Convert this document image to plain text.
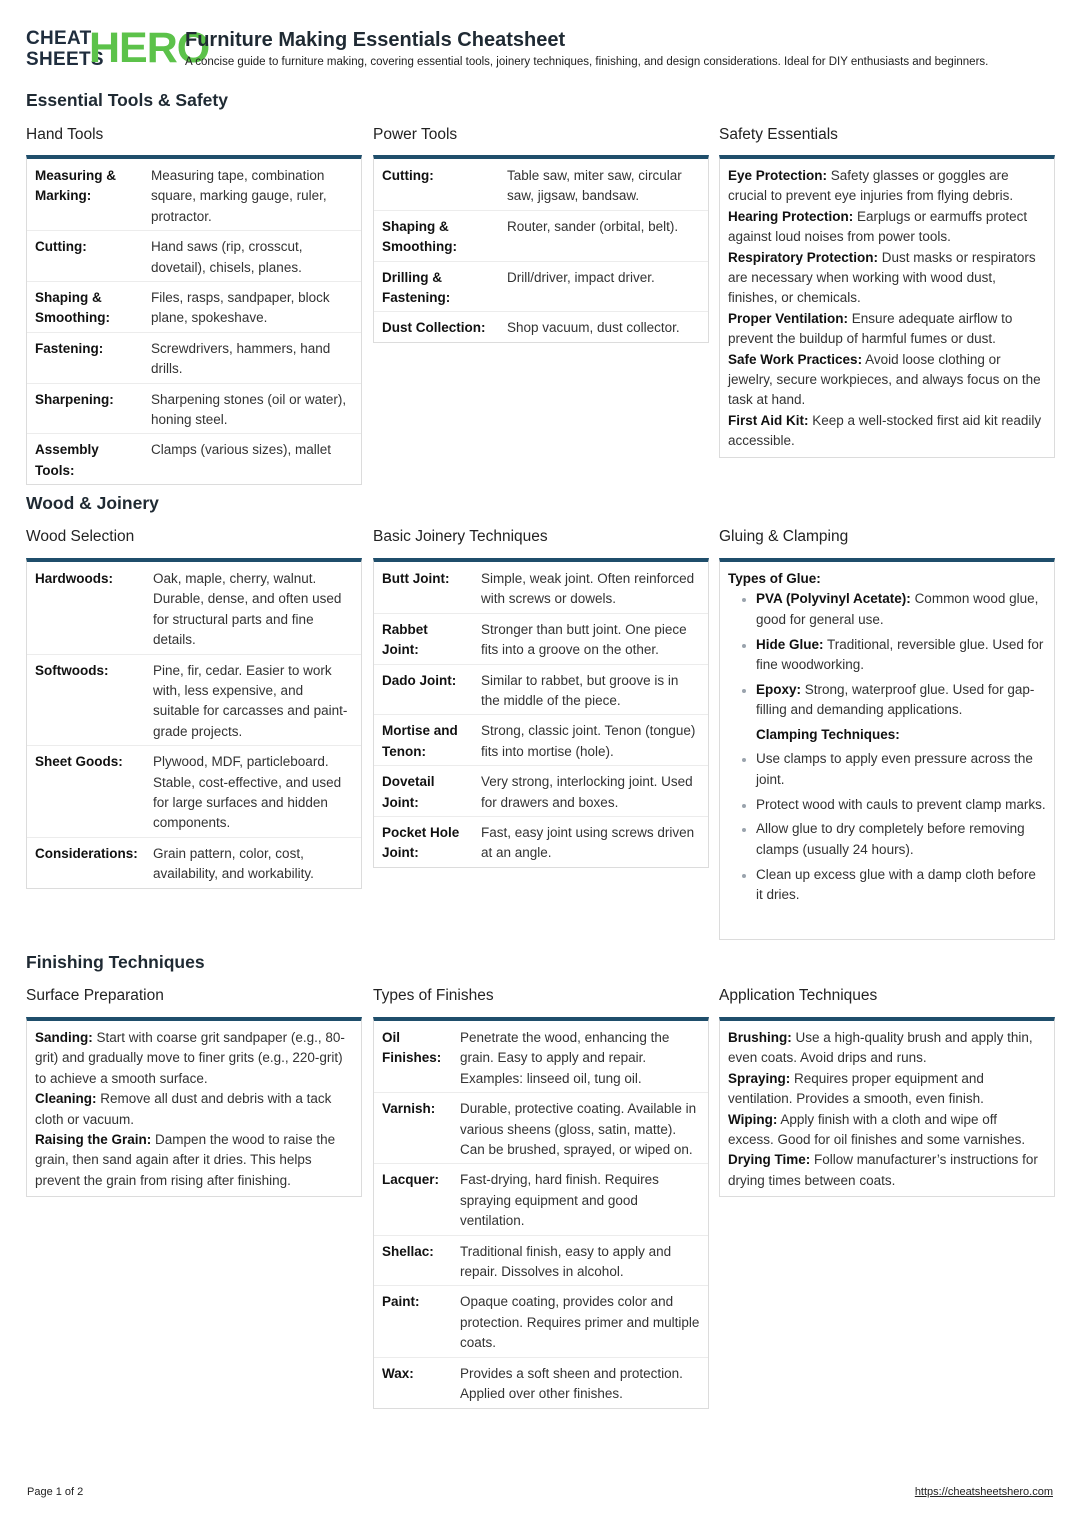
CHEAT
SHEETS
HERO
Furniture Making Essentials Cheatsheet
A concise guide to furniture making, covering essential tools, joinery techniques, finishing, and design considerations. Ideal for DIY enthusiasts and beginners.
Essential Tools & Safety
Hand Tools
Measuring & Marking:	Measuring tape, combination square, marking gauge, ruler, protractor.
Cutting:	Hand saws (rip, crosscut, dovetail), chisels, planes.
Shaping & Smoothing:	Files, rasps, sandpaper, block plane, spokeshave.
Fastening:	Screwdrivers, hammers, hand drills.
Sharpening:	Sharpening stones (oil or water), honing steel.
Assembly Tools:	Clamps (various sizes), mallet
Power Tools
Cutting:	Table saw, miter saw, circular saw, jigsaw, bandsaw.
Shaping & Smoothing:	Router, sander (orbital, belt).
Drilling & Fastening:	Drill/driver, impact driver.
Dust Collection:	Shop vacuum, dust collector.
Safety Essentials

Eye Protection: Safety glasses or goggles are crucial to prevent eye injuries from flying debris.

Hearing Protection: Earplugs or earmuffs protect against loud noises from power tools.

Respiratory Protection: Dust masks or respirators are necessary when working with wood dust, finishes, or chemicals.

Proper Ventilation: Ensure adequate airflow to prevent the buildup of harmful fumes or dust.

Safe Work Practices: Avoid loose clothing or jewelry, secure workpieces, and always focus on the task at hand.

First Aid Kit: Keep a well-stocked first aid kit readily accessible.

Wood & Joinery
Wood Selection
Hardwoods:	Oak, maple, cherry, walnut. Durable, dense, and often used for structural parts and fine details.
Softwoods:	Pine, fir, cedar. Easier to work with, less expensive, and suitable for carcasses and paint-grade projects.
Sheet Goods:	Plywood, MDF, particleboard. Stable, cost-effective, and used for large surfaces and hidden components.
Considerations:	Grain pattern, color, cost, availability, and workability.
Basic Joinery Techniques
Butt Joint:	Simple, weak joint. Often reinforced with screws or dowels.
Rabbet Joint:	Stronger than butt joint. One piece fits into a groove on the other.
Dado Joint:	Similar to rabbet, but groove is in the middle of the piece.
Mortise and Tenon:	Strong, classic joint. Tenon (tongue) fits into mortise (hole).
Dovetail Joint:	Very strong, interlocking joint. Used for drawers and boxes.
Pocket Hole Joint:	Fast, easy joint using screws driven at an angle.
Gluing & Clamping

Types of Glue:

• PVA (Polyvinyl Acetate): Common wood glue, good for general use.
• Hide Glue: Traditional, reversible glue. Used for fine woodworking.
• Epoxy: Strong, waterproof glue. Used for gap-filling and demanding applications.

Clamping Techniques:

• Use clamps to apply even pressure across the joint.
• Protect wood with cauls to prevent clamp marks.
• Allow glue to dry completely before removing clamps (usually 24 hours).
• Clean up excess glue with a damp cloth before it dries.
Finishing Techniques
Surface Preparation

Sanding: Start with coarse grit sandpaper (e.g., 80-grit) and gradually move to finer grits (e.g., 220-grit) to achieve a smooth surface.

Cleaning: Remove all dust and debris with a tack cloth or vacuum.

Raising the Grain: Dampen the wood to raise the grain, then sand again after it dries. This helps prevent the grain from rising after finishing.

Types of Finishes
Oil Finishes:	Penetrate the wood, enhancing the grain. Easy to apply and repair. Examples: linseed oil, tung oil.
Varnish:	Durable, protective coating. Available in various sheens (gloss, satin, matte). Can be brushed, sprayed, or wiped on.
Lacquer:	Fast-drying, hard finish. Requires spraying equipment and good ventilation.
Shellac:	Traditional finish, easy to apply and repair. Dissolves in alcohol.
Paint:	Opaque coating, provides color and protection. Requires primer and multiple coats.
Wax:	Provides a soft sheen and protection. Applied over other finishes.
Application Techniques

Brushing: Use a high-quality brush and apply thin, even coats. Avoid drips and runs.

Spraying: Requires proper equipment and ventilation. Provides a smooth, even finish.

Wiping: Apply finish with a cloth and wipe off excess. Good for oil finishes and some varnishes.

Drying Time: Follow manufacturer’s instructions for drying times between coats.

Page 1 of 2	https://cheatsheetshero.com
